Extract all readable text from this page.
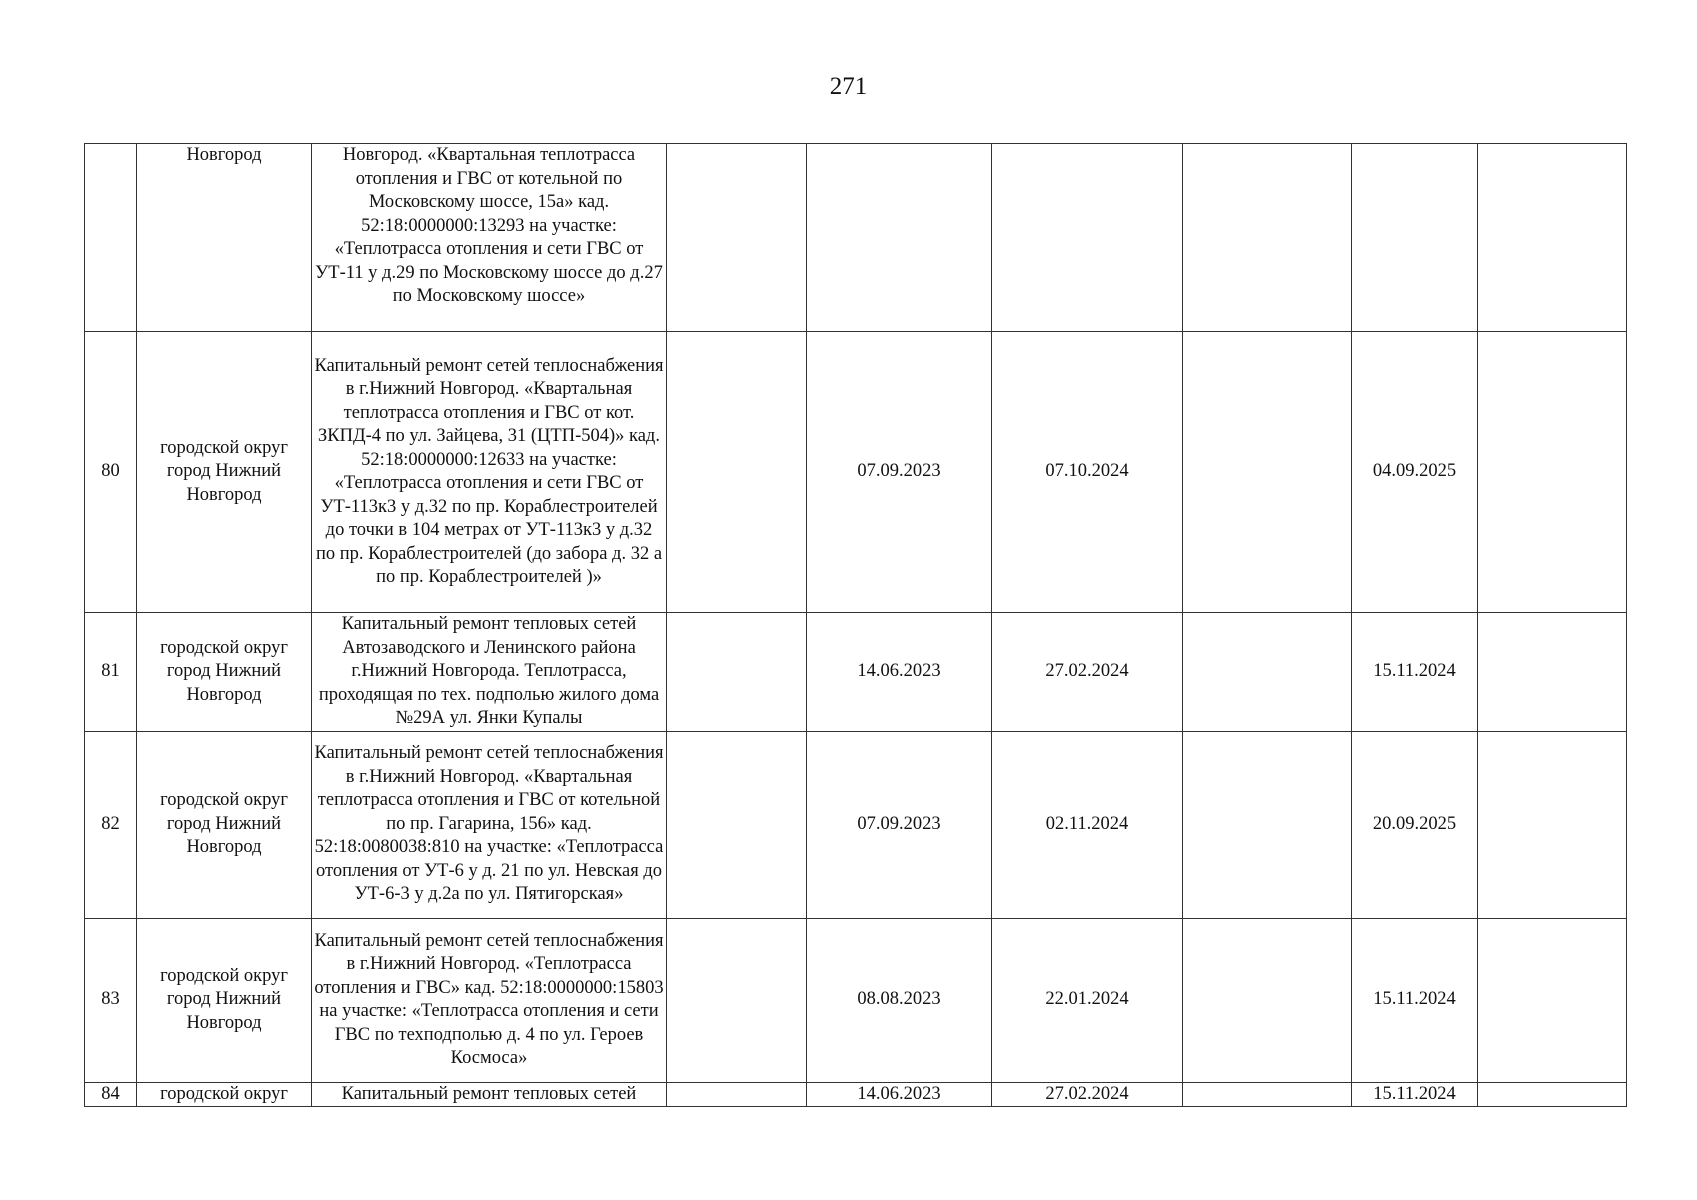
271
	Новгород	Новгород. «Квартальная теплотрасса отопления и ГВС от котельной по Московскому шоссе, 15а» кад. 52:18:0000000:13293 на участке: «Теплотрасса отопления и сети ГВС от УТ-11 у д.29 по Московскому шоссе до д.27 по Московскому шоссе»						
80	городской округ город Нижний Новгород	Капитальный ремонт сетей теплоснабжения в г.Нижний Новгород. «Квартальная теплотрасса отопления и ГВС от кот. ЗКПД-4 по ул. Зайцева, 31 (ЦТП-504)» кад. 52:18:0000000:12633 на участке: «Теплотрасса отопления и сети ГВС от УТ-113к3 у д.32 по пр. Кораблестроителей до точки в 104 метрах от УТ-113к3 у д.32 по пр. Кораблестроителей (до забора д. 32 а по пр. Кораблестроителей )»		07.09.2023	07.10.2024		04.09.2025	
81	городской округ город Нижний Новгород	Капитальный ремонт тепловых сетей Автозаводского и Ленинского района г.Нижний Новгорода. Теплотрасса, проходящая по тех. подполью жилого дома №29А ул. Янки Купалы		14.06.2023	27.02.2024		15.11.2024	
82	городской округ город Нижний Новгород	Капитальный ремонт сетей теплоснабжения в г.Нижний Новгород. «Квартальная теплотрасса отопления и ГВС от котельной по пр. Гагарина, 156» кад. 52:18:0080038:810 на участке: «Теплотрасса отопления от УТ-6 у д. 21 по ул. Невская до УТ-6-3 у д.2а по ул. Пятигорская»		07.09.2023	02.11.2024		20.09.2025	
83	городской округ город Нижний Новгород	Капитальный ремонт сетей теплоснабжения в г.Нижний Новгород. «Теплотрасса отопления и ГВС» кад. 52:18:0000000:15803 на участке: «Теплотрасса отопления и сети ГВС по техподполью д. 4 по ул. Героев Космоса»		08.08.2023	22.01.2024		15.11.2024	
84	городской округ	Капитальный ремонт тепловых сетей		14.06.2023	27.02.2024		15.11.2024	
